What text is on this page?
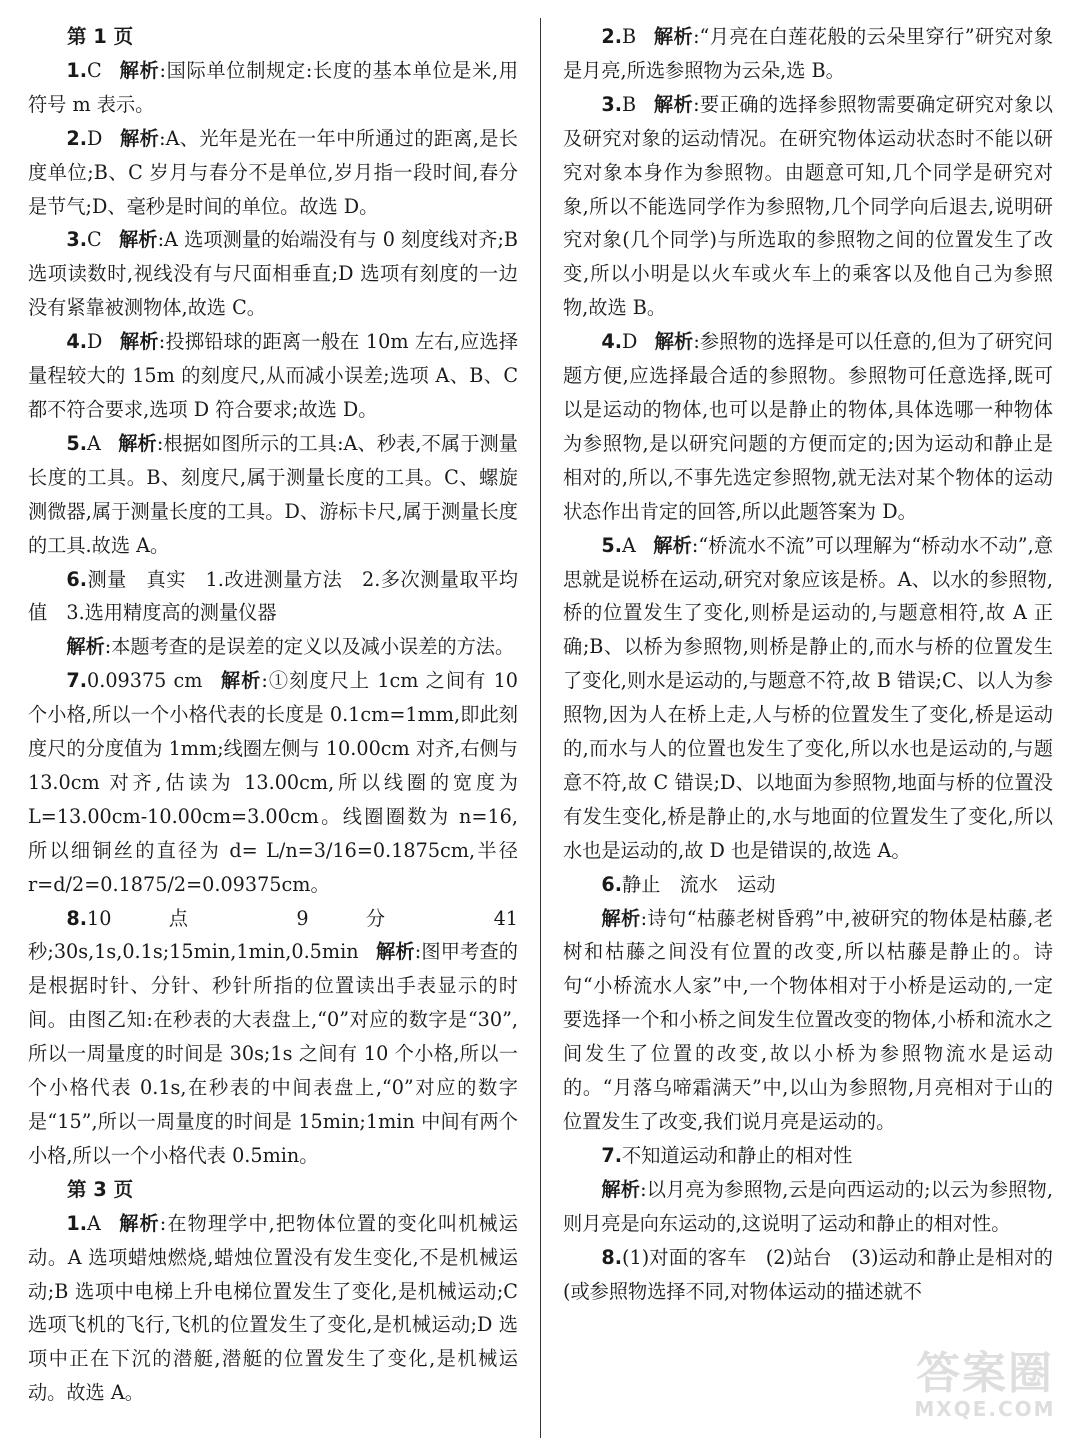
第 1 页

1.C 解析:国际单位制规定:长度的基本单位是米,用符号 m 表示。

2.D 解析:A、光年是光在一年中所通过的距离,是长度单位;B、C 岁月与春分不是单位,岁月指一段时间,春分是节气;D、毫秒是时间的单位。故选 D。

3.C 解析:A 选项测量的始端没有与 0 刻度线对齐;B 选项读数时,视线没有与尺面相垂直;D 选项有刻度的一边没有紧靠被测物体,故选 C。

4.D 解析:投掷铅球的距离一般在 10m 左右,应选择量程较大的 15m 的刻度尺,从而减小误差;选项 A、B、C 都不符合要求,选项 D 符合要求;故选 D。

5.A 解析:根据如图所示的工具:A、秒表,不属于测量长度的工具。B、刻度尺,属于测量长度的工具。C、螺旋测微器,属于测量长度的工具。D、游标卡尺,属于测量长度的工具.故选 A。

6.测量　真实　1.改进测量方法　2.多次测量取平均值　3.选用精度高的测量仪器

解析:本题考查的是误差的定义以及减小误差的方法。

7.0.09375 cm 解析:①刻度尺上 1cm 之间有 10 个小格,所以一个小格代表的长度是 0.1cm=1mm,即此刻度尺的分度值为 1mm;线圈左侧与 10.00cm 对齐,右侧与 13.0cm 对齐,估读为 13.00cm,所以线圈的宽度为 L=13.00cm-10.00cm=3.00cm。线圈圈数为 n=16,所以细铜丝的直径为 d= L/n=3/16=0.1875cm,半径 r=d/2=0.1875/2=0.09375cm。

8.10 点 9 分 41 秒;30s,1s,0.1s;15min,1min,0.5min 解析:图甲考查的是根据时针、分针、秒针所指的位置读出手表显示的时间。由图乙知:在秒表的大表盘上,“0”对应的数字是“30”,所以一周量度的时间是 30s;1s 之间有 10 个小格,所以一个小格代表 0.1s,在秒表的中间表盘上,“0”对应的数字是“15”,所以一周量度的时间是 15min;1min 中间有两个小格,所以一个小格代表 0.5min。

第 3 页

1.A 解析:在物理学中,把物体位置的变化叫机械运动。A 选项蜡烛燃烧,蜡烛位置没有发生变化,不是机械运动;B 选项中电梯上升电梯位置发生了变化,是机械运动;C 选项飞机的飞行,飞机的位置发生了变化,是机械运动;D 选项中正在下沉的潜艇,潜艇的位置发生了变化,是机械运动。故选 A。

2.B 解析:“月亮在白莲花般的云朵里穿行”研究对象是月亮,所选参照物为云朵,选 B。

3.B 解析:要正确的选择参照物需要确定研究对象以及研究对象的运动情况。在研究物体运动状态时不能以研究对象本身作为参照物。由题意可知,几个同学是研究对象,所以不能选同学作为参照物,几个同学向后退去,说明研究对象(几个同学)与所选取的参照物之间的位置发生了改变,所以小明是以火车或火车上的乘客以及他自己为参照物,故选 B。

4.D 解析:参照物的选择是可以任意的,但为了研究问题方便,应选择最合适的参照物。参照物可任意选择,既可以是运动的物体,也可以是静止的物体,具体选哪一种物体为参照物,是以研究问题的方便而定的;因为运动和静止是相对的,所以,不事先选定参照物,就无法对某个物体的运动状态作出肯定的回答,所以此题答案为 D。

5.A 解析:“桥流水不流”可以理解为“桥动水不动”,意思就是说桥在运动,研究对象应该是桥。A、以水的参照物,桥的位置发生了变化,则桥是运动的,与题意相符,故 A 正确;B、以桥为参照物,则桥是静止的,而水与桥的位置发生了变化,则水是运动的,与题意不符,故 B 错误;C、以人为参照物,因为人在桥上走,人与桥的位置发生了变化,桥是运动的,而水与人的位置也发生了变化,所以水也是运动的,与题意不符,故 C 错误;D、以地面为参照物,地面与桥的位置没有发生变化,桥是静止的,水与地面的位置发生了变化,所以水也是运动的,故 D 也是错误的,故选 A。

6.静止　流水　运动

解析:诗句“枯藤老树昏鸦”中,被研究的物体是枯藤,老树和枯藤之间没有位置的改变,所以枯藤是静止的。诗句“小桥流水人家”中,一个物体相对于小桥是运动的,一定要选择一个和小桥之间发生位置改变的物体,小桥和流水之间发生了位置的改变,故以小桥为参照物流水是运动的。“月落乌啼霜满天”中,以山为参照物,月亮相对于山的位置发生了改变,我们说月亮是运动的。

7.不知道运动和静止的相对性

解析:以月亮为参照物,云是向西运动的;以云为参照物,则月亮是向东运动的,这说明了运动和静止的相对性。

8.(1)对面的客车　(2)站台　(3)运动和静止是相对的(或参照物选择不同,对物体运动的描述就不

答案圈
MXQE.COM
